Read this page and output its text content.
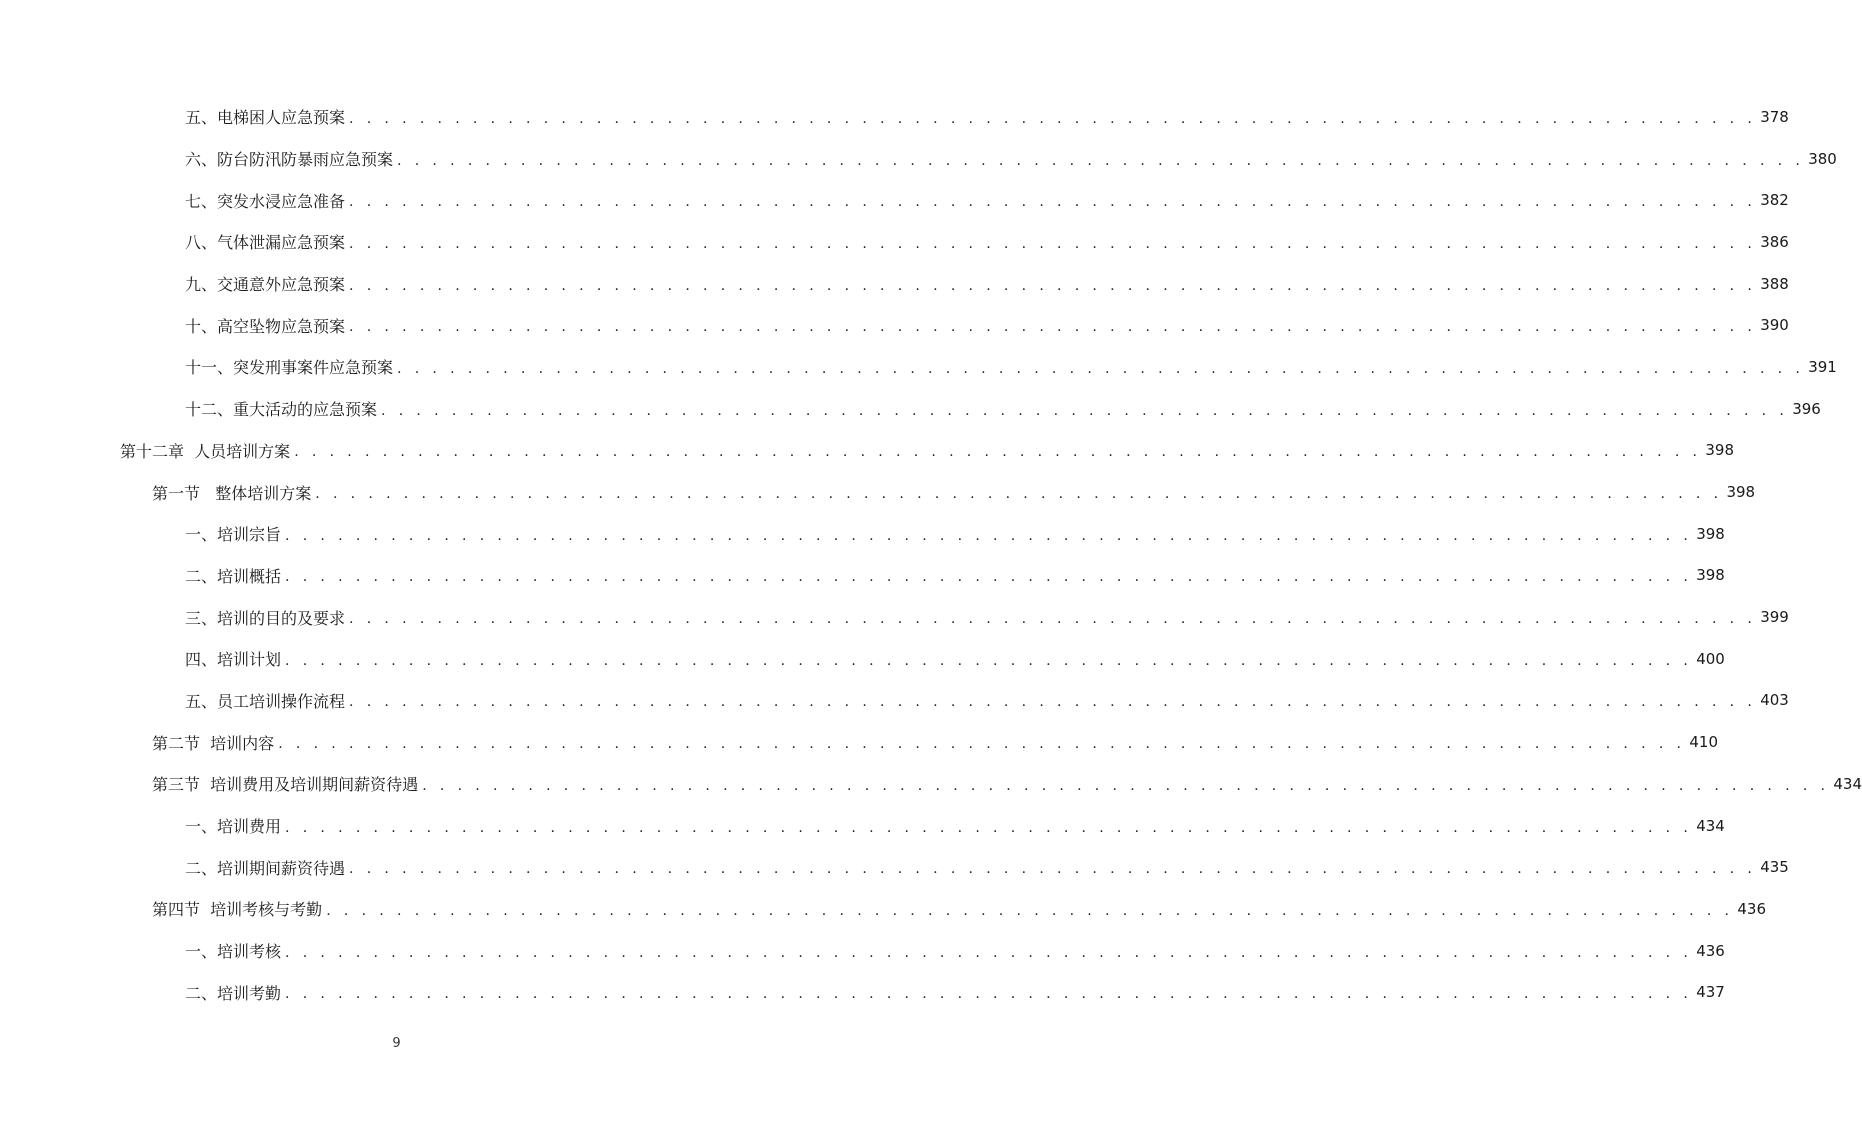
五、电梯困人应急预案 . . . . . . . . . . . . . . . . . . . . . . . . . . . . . . . . . . . . . . . . . . . . . . . . . . . . . . . . . . . . . . . . . . . . . . . . . . . . . . . . 378
六、防台防汛防暴雨应急预案 . . . . . . . . . . . . . . . . . . . . . . . . . . . . . . . . . . . . . . . . . . . . . . . . . . . . . . . . . . . . . . . . . . . . . . . . . . . . . . . . 380
七、突发水浸应急准备 . . . . . . . . . . . . . . . . . . . . . . . . . . . . . . . . . . . . . . . . . . . . . . . . . . . . . . . . . . . . . . . . . . . . . . . . . . . . . . . . 382
八、气体泄漏应急预案 . . . . . . . . . . . . . . . . . . . . . . . . . . . . . . . . . . . . . . . . . . . . . . . . . . . . . . . . . . . . . . . . . . . . . . . . . . . . . . . . 386
九、交通意外应急预案 . . . . . . . . . . . . . . . . . . . . . . . . . . . . . . . . . . . . . . . . . . . . . . . . . . . . . . . . . . . . . . . . . . . . . . . . . . . . . . . . 388
十、高空坠物应急预案 . . . . . . . . . . . . . . . . . . . . . . . . . . . . . . . . . . . . . . . . . . . . . . . . . . . . . . . . . . . . . . . . . . . . . . . . . . . . . . . . 390
十一、突发刑事案件应急预案 . . . . . . . . . . . . . . . . . . . . . . . . . . . . . . . . . . . . . . . . . . . . . . . . . . . . . . . . . . . . . . . . . . . . . . . . . . . . . . . . 391
十二、重大活动的应急预案 . . . . . . . . . . . . . . . . . . . . . . . . . . . . . . . . . . . . . . . . . . . . . . . . . . . . . . . . . . . . . . . . . . . . . . . . . . . . . . . . 396
第十二章  人员培训方案 . . . . . . . . . . . . . . . . . . . . . . . . . . . . . . . . . . . . . . . . . . . . . . . . . . . . . . . . . . . . . . . . . . . . . . . . . . . . . . . . 398
第一节   整体培训方案 . . . . . . . . . . . . . . . . . . . . . . . . . . . . . . . . . . . . . . . . . . . . . . . . . . . . . . . . . . . . . . . . . . . . . . . . . . . . . . . . 398
一、培训宗旨 . . . . . . . . . . . . . . . . . . . . . . . . . . . . . . . . . . . . . . . . . . . . . . . . . . . . . . . . . . . . . . . . . . . . . . . . . . . . . . . . 398
二、培训概括 . . . . . . . . . . . . . . . . . . . . . . . . . . . . . . . . . . . . . . . . . . . . . . . . . . . . . . . . . . . . . . . . . . . . . . . . . . . . . . . . 398
三、培训的目的及要求 . . . . . . . . . . . . . . . . . . . . . . . . . . . . . . . . . . . . . . . . . . . . . . . . . . . . . . . . . . . . . . . . . . . . . . . . . . . . . . . . 399
四、培训计划 . . . . . . . . . . . . . . . . . . . . . . . . . . . . . . . . . . . . . . . . . . . . . . . . . . . . . . . . . . . . . . . . . . . . . . . . . . . . . . . . 400
五、员工培训操作流程 . . . . . . . . . . . . . . . . . . . . . . . . . . . . . . . . . . . . . . . . . . . . . . . . . . . . . . . . . . . . . . . . . . . . . . . . . . . . . . . . 403
第二节  培训内容 . . . . . . . . . . . . . . . . . . . . . . . . . . . . . . . . . . . . . . . . . . . . . . . . . . . . . . . . . . . . . . . . . . . . . . . . . . . . . . . . 410
第三节  培训费用及培训期间薪资待遇 . . . . . . . . . . . . . . . . . . . . . . . . . . . . . . . . . . . . . . . . . . . . . . . . . . . . . . . . . . . . . . . . . . . . . . . . . . . . . . . . 434
一、培训费用 . . . . . . . . . . . . . . . . . . . . . . . . . . . . . . . . . . . . . . . . . . . . . . . . . . . . . . . . . . . . . . . . . . . . . . . . . . . . . . . . 434
二、培训期间薪资待遇 . . . . . . . . . . . . . . . . . . . . . . . . . . . . . . . . . . . . . . . . . . . . . . . . . . . . . . . . . . . . . . . . . . . . . . . . . . . . . . . . 435
第四节  培训考核与考勤 . . . . . . . . . . . . . . . . . . . . . . . . . . . . . . . . . . . . . . . . . . . . . . . . . . . . . . . . . . . . . . . . . . . . . . . . . . . . . . . . 436
一、培训考核 . . . . . . . . . . . . . . . . . . . . . . . . . . . . . . . . . . . . . . . . . . . . . . . . . . . . . . . . . . . . . . . . . . . . . . . . . . . . . . . . 436
二、培训考勤 . . . . . . . . . . . . . . . . . . . . . . . . . . . . . . . . . . . . . . . . . . . . . . . . . . . . . . . . . . . . . . . . . . . . . . . . . . . . . . . . 437
9
